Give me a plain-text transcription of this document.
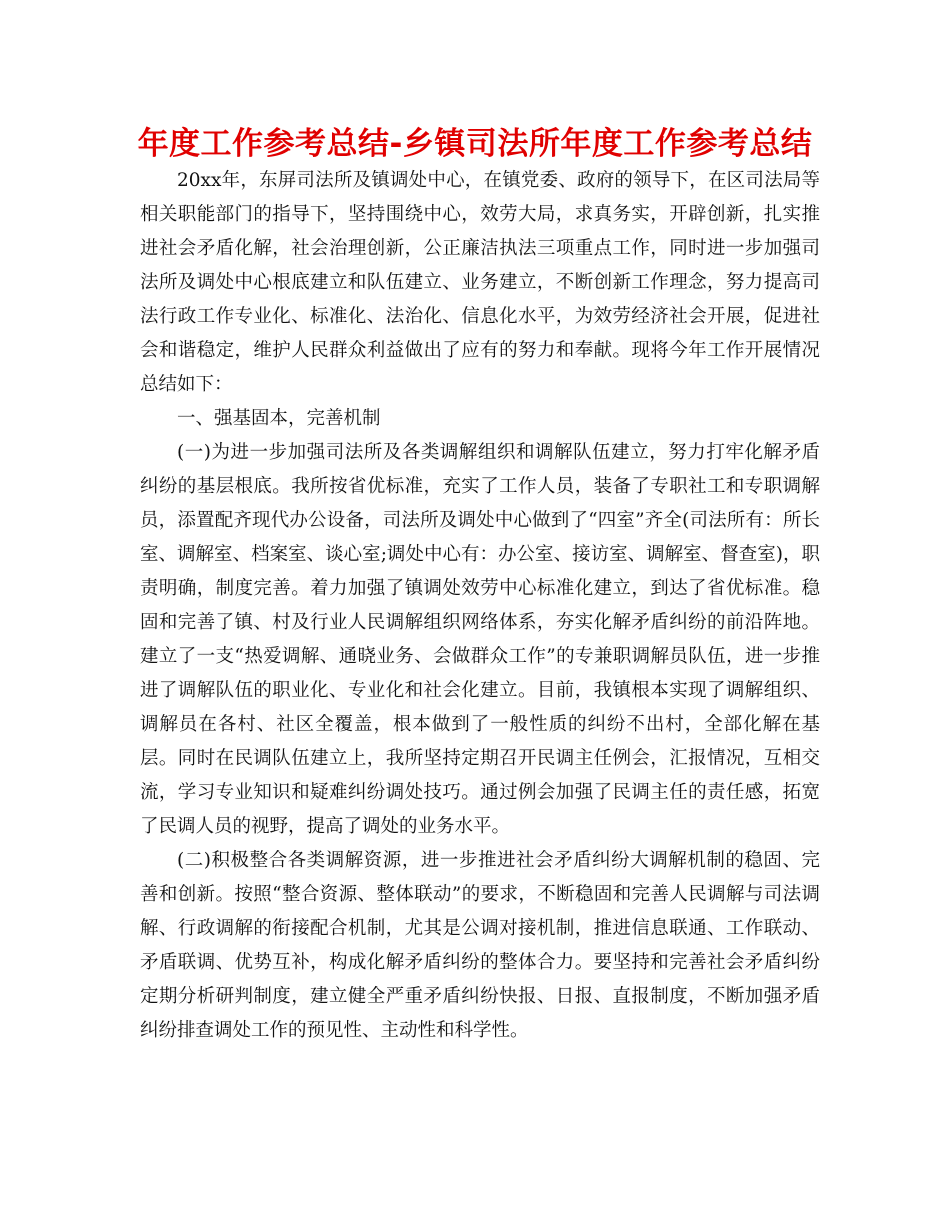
年度工作参考总结-乡镇司法所年度工作参考总结

20xx年，东屏司法所及镇调处中心，在镇党委、政府的领导下，在区司法局等相关职能部门的指导下，坚持围绕中心，效劳大局，求真务实，开辟创新，扎实推进社会矛盾化解，社会治理创新，公正廉洁执法三项重点工作，同时进一步加强司法所及调处中心根底建立和队伍建立、业务建立，不断创新工作理念，努力提高司法行政工作专业化、标准化、法治化、信息化水平，为效劳经济社会开展，促进社会和谐稳定，维护人民群众利益做出了应有的努力和奉献。现将今年工作开展情况总结如下：

一、强基固本，完善机制

(一)为进一步加强司法所及各类调解组织和调解队伍建立，努力打牢化解矛盾纠纷的基层根底。我所按省优标准，充实了工作人员，装备了专职社工和专职调解员，添置配齐现代办公设备，司法所及调处中心做到了“四室”齐全(司法所有：所长室、调解室、档案室、谈心室;调处中心有：办公室、接访室、调解室、督查室)，职责明确，制度完善。着力加强了镇调处效劳中心标准化建立，到达了省优标准。稳固和完善了镇、村及行业人民调解组织网络体系，夯实化解矛盾纠纷的前沿阵地。建立了一支“热爱调解、通晓业务、会做群众工作”的专兼职调解员队伍，进一步推进了调解队伍的职业化、专业化和社会化建立。目前，我镇根本实现了调解组织、调解员在各村、社区全覆盖，根本做到了一般性质的纠纷不出村，全部化解在基层。同时在民调队伍建立上，我所坚持定期召开民调主任例会，汇报情况，互相交流，学习专业知识和疑难纠纷调处技巧。通过例会加强了民调主任的责任感，拓宽了民调人员的视野，提高了调处的业务水平。

(二)积极整合各类调解资源，进一步推进社会矛盾纠纷大调解机制的稳固、完善和创新。按照“整合资源、整体联动”的要求，不断稳固和完善人民调解与司法调解、行政调解的衔接配合机制，尤其是公调对接机制，推进信息联通、工作联动、矛盾联调、优势互补，构成化解矛盾纠纷的整体合力。要坚持和完善社会矛盾纠纷定期分析研判制度，建立健全严重矛盾纠纷快报、日报、直报制度，不断加强矛盾纠纷排查调处工作的预见性、主动性和科学性。
